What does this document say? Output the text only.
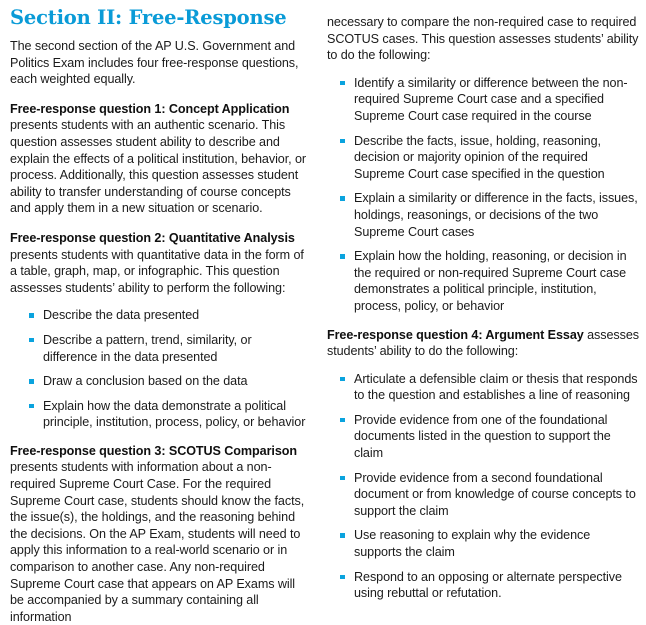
Section II: Free-Response

The second section of the AP U.S. Government and Politics Exam includes four free-response questions, each weighted equally.

Free-response question 1: Concept Application presents students with an authentic scenario. This question assesses student ability to describe and explain the effects of a political institution, behavior, or process. Additionally, this question assesses student ability to transfer understanding of course concepts and apply them in a new situation or scenario.

Free-response question 2: Quantitative Analysis presents students with quantitative data in the form of a table, graph, map, or infographic. This question assesses students’ ability to perform the following:

Describe the data presented
Describe a pattern, trend, similarity, or difference in the data presented
Draw a conclusion based on the data
Explain how the data demonstrate a political principle, institution, process, policy, or behavior

Free-response question 3: SCOTUS Comparison presents students with information about a non-required Supreme Court Case. For the required Supreme Court case, students should know the facts, the issue(s), the holdings, and the reasoning behind the decisions. On the AP Exam, students will need to apply this information to a real-world scenario or in comparison to another case. Any non-required Supreme Court case that appears on AP Exams will be accompanied by a summary containing all information

necessary to compare the non-required case to required SCOTUS cases. This question assesses students’ ability to do the following:

Identify a similarity or difference between the non-required Supreme Court case and a specified Supreme Court case required in the course
Describe the facts, issue, holding, reasoning, decision or majority opinion of the required Supreme Court case specified in the question
Explain a similarity or difference in the facts, issues, holdings, reasonings, or decisions of the two Supreme Court cases
Explain how the holding, reasoning, or decision in the required or non-required Supreme Court case demonstrates a political principle, institution, process, policy, or behavior

Free-response question 4: Argument Essay assesses students’ ability to do the following:

Articulate a defensible claim or thesis that responds to the question and establishes a line of reasoning
Provide evidence from one of the foundational documents listed in the question to support the claim
Provide evidence from a second foundational document or from knowledge of course concepts to support the claim
Use reasoning to explain why the evidence supports the claim
Respond to an opposing or alternate perspective using rebuttal or refutation.
